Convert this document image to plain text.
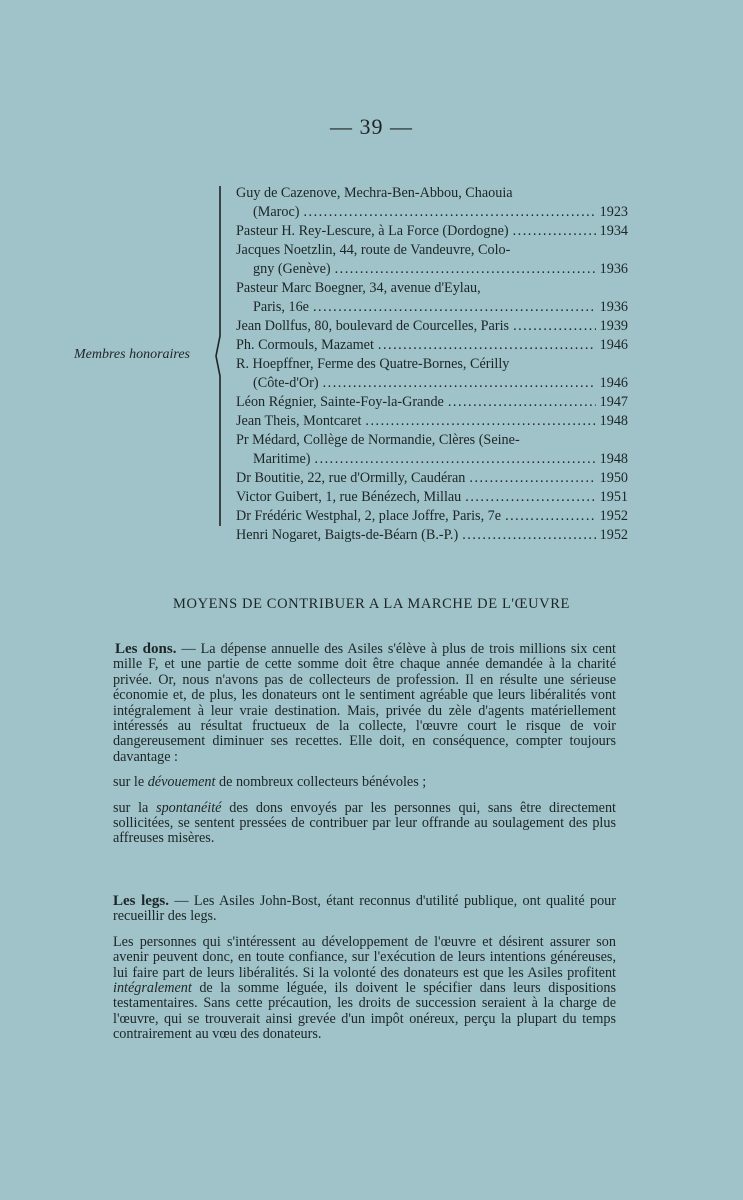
— 39 —
Membres honoraires
Guy de Cazenove, Mechra-Ben-Abbou, Chaouia
(Maroc) .....	1923
Pasteur H. Rey-Lescure, à La Force (Dordogne) .....	1934
Jacques Noetzlin, 44, route de Vandeuvre, Colo-
gny (Genève) .....	1936
Pasteur Marc Boegner, 34, avenue d'Eylau,
Paris, 16e .....	1936
Jean Dollfus, 80, boulevard de Courcelles, Paris .....	1939
Ph. Cormouls, Mazamet .....	1946
R. Hoepffner, Ferme des Quatre-Bornes, Cérilly
(Côte-d'Or) .....	1946
Léon Régnier, Sainte-Foy-la-Grande .....	1947
Jean Theis, Montcaret .....	1948
Pr Médard, Collège de Normandie, Clères (Seine-
Maritime) .....	1948
Dr Boutitie, 22, rue d'Ormilly, Caudéran .....	1950
Victor Guibert, 1, rue Bénézech, Millau .....	1951
Dr Frédéric Westphal, 2, place Joffre, Paris, 7e .....	1952
Henri Nogaret, Baigts-de-Béarn (B.-P.) .....	1952
MOYENS DE CONTRIBUER A LA MARCHE DE L'ŒUVRE

Les dons. — La dépense annuelle des Asiles s'élève à plus de trois millions six cent mille F, et une partie de cette somme doit être chaque année demandée à la charité privée. Or, nous n'avons pas de collecteurs de profession. Il en résulte une sérieuse économie et, de plus, les donateurs ont le sentiment agréable que leurs libéralités vont intégralement à leur vraie destination. Mais, privée du zèle d'agents matériellement intéressés au résultat fructueux de la collecte, l'œuvre court le risque de voir dangereusement diminuer ses recettes. Elle doit, en conséquence, compter toujours davantage :

sur le dévouement de nombreux collecteurs bénévoles ;

sur la spontanéité des dons envoyés par les personnes qui, sans être directement sollicitées, se sentent pressées de contribuer par leur offrande au soulagement des plus affreuses misères.

Les legs. — Les Asiles John-Bost, étant reconnus d'utilité publique, ont qualité pour recueillir des legs.

Les personnes qui s'intéressent au développement de l'œuvre et désirent assurer son avenir peuvent donc, en toute confiance, sur l'exécution de leurs intentions généreuses, lui faire part de leurs libéralités. Si la volonté des donateurs est que les Asiles profitent intégralement de la somme léguée, ils doivent le spécifier dans leurs dispositions testamentaires. Sans cette précaution, les droits de succession seraient à la charge de l'œuvre, qui se trouverait ainsi grevée d'un impôt onéreux, perçu la plupart du temps contrairement au vœu des donateurs.
